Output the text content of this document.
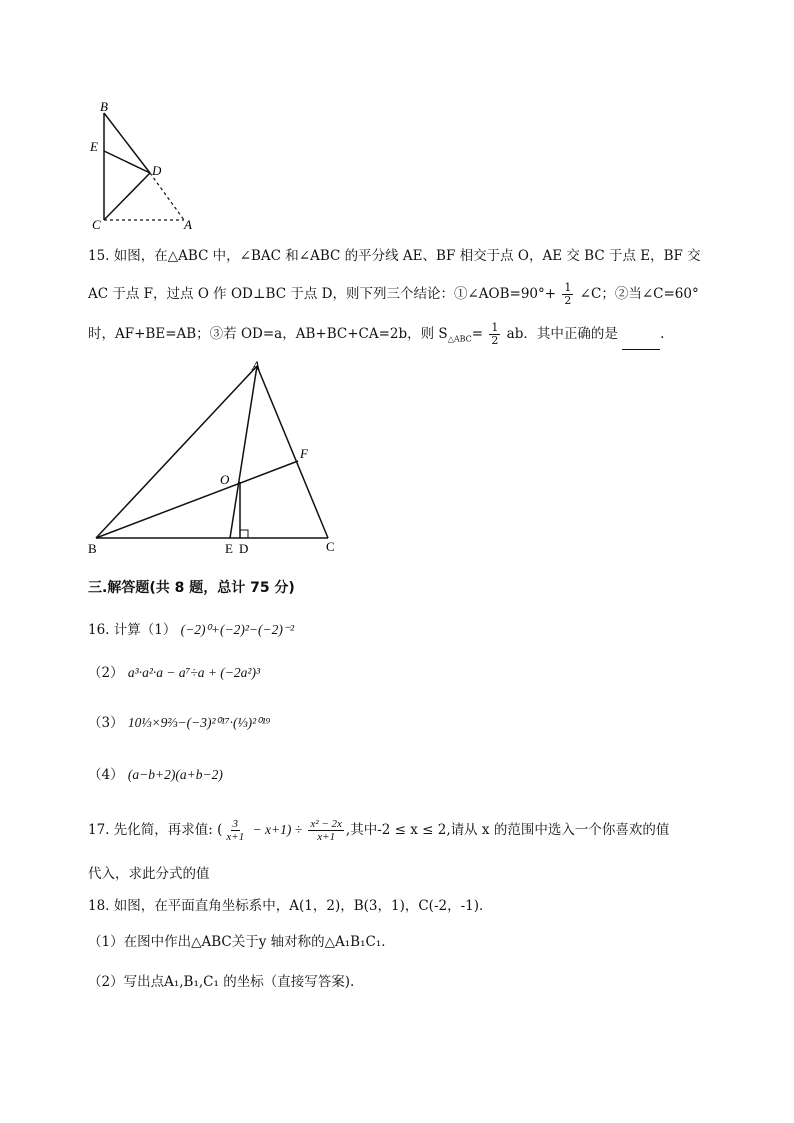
B
E
D
C	A
15. 如图，在△ABC 中，∠BAC 和∠ABC 的平分线 AE、BF 相交于点 O，AE 交 BC 于点 E，BF 交
AC 于点 F，过点 O 作 OD⊥BC 于点 D，则下列三个结论：①∠AOB=90°+ $\frac{1}{2}$ ∠C；②当∠C=60°
时，AF+BE=AB；③若 OD=a，AB+BC+CA=2b，则 $S_{\triangle ABC}= \frac{1}{2}$ ab．其中正确的是	.
A
F
O
B	E D	C
三.解答题(共 8 题，总计 75 分)
16. 计算（1） (−2)⁰+(−2)²−(−2)⁻²
（2） a³·a²·a − a⁷÷a + (−2a²)³
（3） 10⅓×9⅔−(−3)²⁰¹⁷·(⅓)²⁰¹⁹
（4） (a−b+2)(a+b−2)
17. 先化简，再求值: ( $\frac{3}{x+1} - x+1) \div \frac{\text{x² − 2x}}{x+1}$ ,其中-2 ≤ x ≤ 2,请从 x 的范围中选入一个你喜欢的值
代入，求此分式的值
18. 如图，在平面直角坐标系中，A(1，2)，B(3，1)，C(-2，-1)．
（1）在图中作出△ABC关于y 轴对称的△A₁B₁C₁．
（2）写出点A₁,B₁,C₁ 的坐标（直接写答案).
